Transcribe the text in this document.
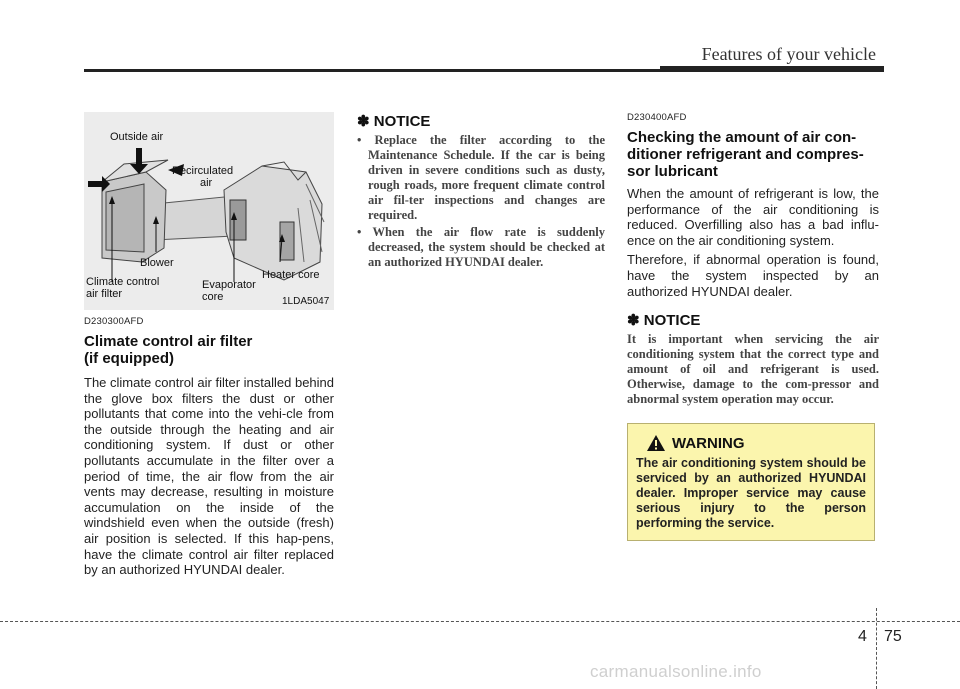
Features of your vehicle
Outside air
Recirculated
air
Blower
Climate control
air filter
Evaporator
core
Heater core
1LDA5047
D230300AFD
Climate control air filter
(if equipped)
The climate control air filter installed behind the glove box filters the dust or other pollutants that come into the vehi-cle from the outside through the heating and air conditioning system. If dust or other pollutants accumulate in the filter over a period of time, the air flow from the air vents may decrease, resulting in moisture accumulation on the inside of the windshield even when the outside (fresh) air position is selected. If this hap-pens, have the climate control air filter replaced by an authorized HYUNDAI dealer.
✽ NOTICE
• Replace the filter according to the Maintenance Schedule. If the car is being driven in severe conditions such as dusty, rough roads, more frequent climate control air fil-ter inspections and changes are required.
• When the air flow rate is suddenly decreased, the system should be checked at an authorized HYUNDAI dealer.
D230400AFD
Checking the amount of air con-ditioner refrigerant and compres-sor lubricant
When the amount of refrigerant is low, the performance of the air conditioning is reduced. Overfilling also has a bad influ-ence on the air conditioning system.
Therefore, if abnormal operation is found, have the system inspected by an authorized HYUNDAI dealer.
✽ NOTICE
It is important when servicing the air conditioning system that the correct type and amount of oil and refrigerant is used. Otherwise, damage to the com-pressor and abnormal system operation may occur.
WARNING
The air conditioning system should be serviced by an authorized HYUNDAI dealer. Improper service may cause serious injury to the person performing the service.
4 75
carmanualsonline.info
